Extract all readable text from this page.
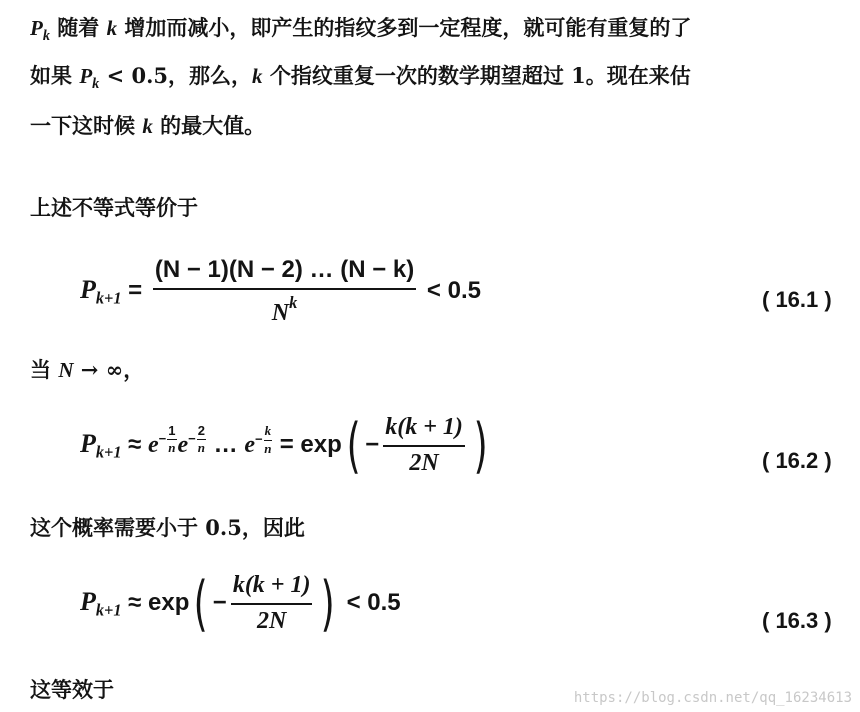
$P_k$ 随着 k 增加而减小，即产生的指纹多到一定程度，就可能有重复的了
如果 $P_k < 0.5$，那么，k 个指纹重复一次的数学期望超过 1。现在来估
一下这时候 k 的最大值。
上述不等式等价于
$P_{k+1} = \frac{(N - 1)(N - 2) \dots (N - k)}{N^k} < 0.5$	( 16.1 )
当 N → ∞，
$P_{k+1} \approx e- \frac{1}{n} e- \frac{2}{n}$ … $e- \frac{k}{n} = \exp( - \frac{k(k + 1)}{2N}$ )	( 16.2 )
这个概率需要小于 0.5，因此
$P_{k+1} \approx \exp( - \frac{k(k + 1)}{2N}$ ) < 0.5
( 16.3 )
这等效于	https://blog.csdn.net/qq_16234613
